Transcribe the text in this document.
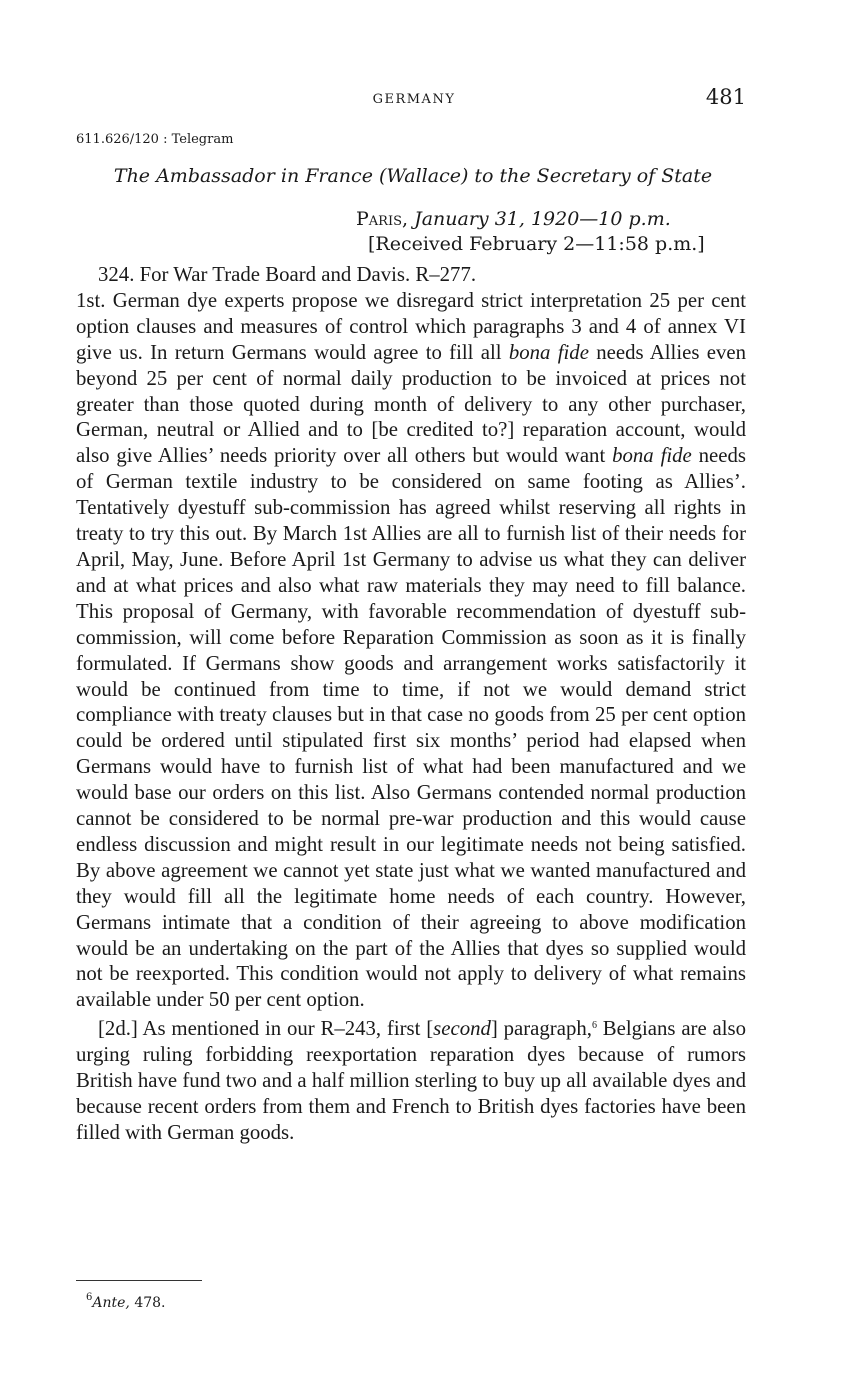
GERMANY	481
611.626/120 : Telegram
The Ambassador in France (Wallace) to the Secretary of State
Paris, January 31, 1920—10 p.m.
[Received February 2—11:58 p.m.]

324. For War Trade Board and Davis. R–277.

1st. German dye experts propose we disregard strict interpretation 25 per cent option clauses and measures of control which paragraphs 3 and 4 of annex VI give us. In return Germans would agree to fill all bona fide needs Allies even beyond 25 per cent of normal daily production to be invoiced at prices not greater than those quoted during month of delivery to any other purchaser, German, neutral or Allied and to [be credited to?] reparation account, would also give Allies’ needs priority over all others but would want bona fide needs of German textile industry to be considered on same footing as Allies’. Tentatively dyestuff sub-commission has agreed whilst reserving all rights in treaty to try this out. By March 1st Allies are all to furnish list of their needs for April, May, June. Before April 1st Germany to advise us what they can deliver and at what prices and also what raw materials they may need to fill balance. This proposal of Germany, with favorable recommendation of dyestuff sub-commission, will come before Reparation Commission as soon as it is finally formulated. If Germans show goods and arrangement works satisfactorily it would be continued from time to time, if not we would demand strict compliance with treaty clauses but in that case no goods from 25 per cent option could be ordered until stipulated first six months’ period had elapsed when Germans would have to furnish list of what had been manufactured and we would base our orders on this list. Also Germans contended normal production cannot be considered to be normal pre-war production and this would cause endless discussion and might result in our legitimate needs not being satisfied. By above agreement we cannot yet state just what we wanted manufactured and they would fill all the legitimate home needs of each country. However, Germans intimate that a condition of their agreeing to above modification would be an undertaking on the part of the Allies that dyes so supplied would not be reexported. This condition would not apply to delivery of what remains available under 50 per cent option.

[2d.] As mentioned in our R–243, first [second] paragraph,$^6$ Belgians are also urging ruling forbidding reexportation reparation dyes because of rumors British have fund two and a half million sterling to buy up all available dyes and because recent orders from them and French to British dyes factories have been filled with German goods.

$^6$Ante, 478.
